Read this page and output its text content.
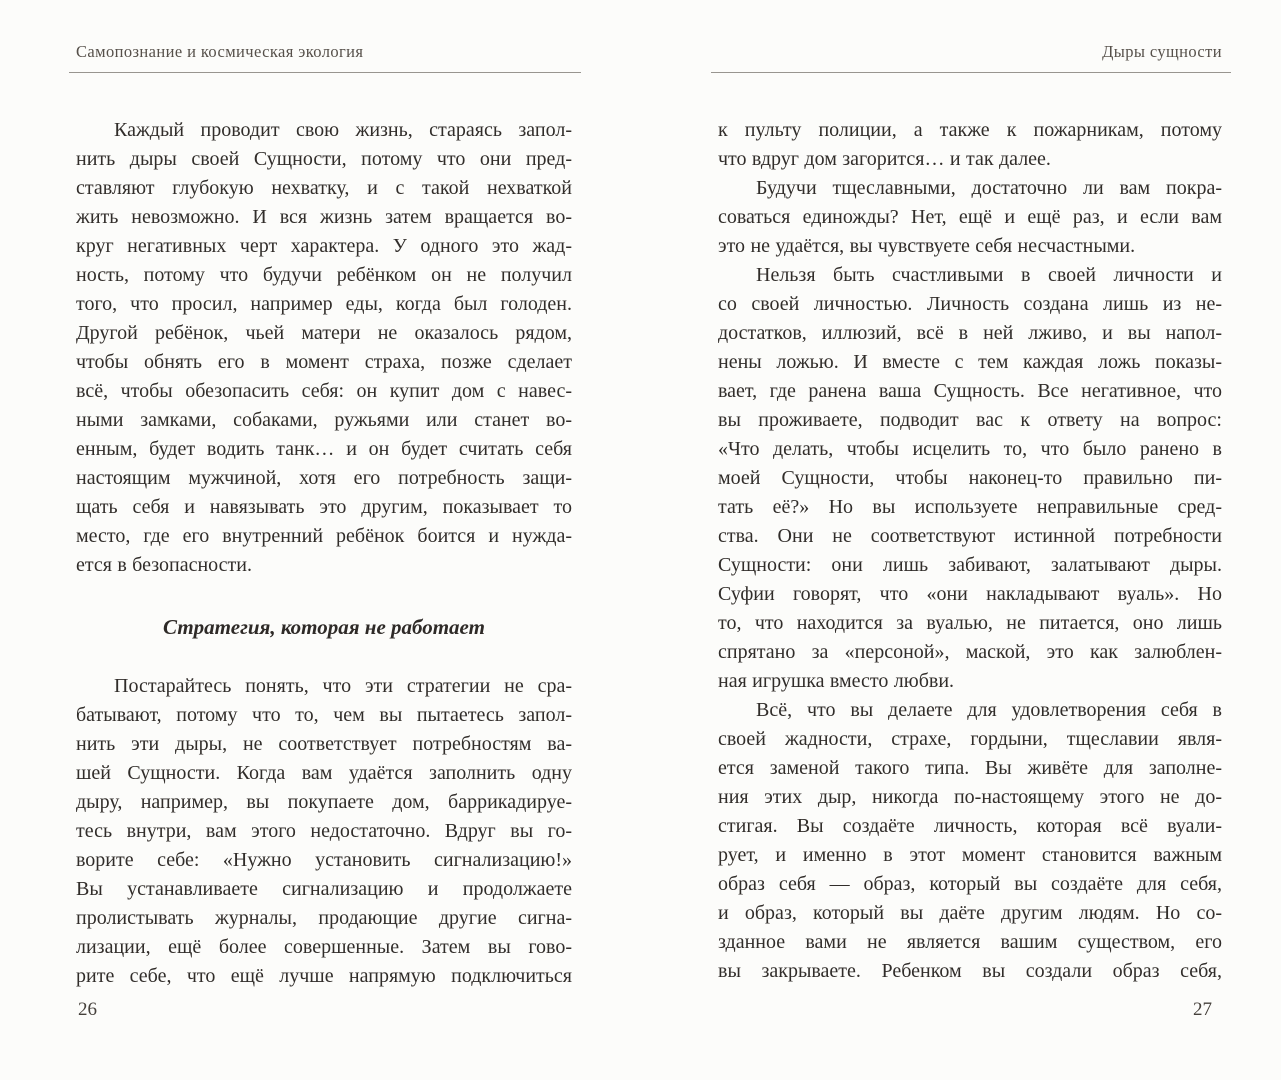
Самопознание и космическая экология
Каждый проводит свою жизнь, стараясь запол-
нить дыры своей Сущности, потому что они пред-
ставляют глубокую нехватку, и с такой нехваткой
жить невозможно. И вся жизнь затем вращается во-
круг негативных черт характера. У одного это жад-
ность, потому что будучи ребёнком он не получил
того, что просил, например еды, когда был голоден.
Другой ребёнок, чьей матери не оказалось рядом,
чтобы обнять его в момент страха, позже сделает
всё, чтобы обезопасить себя: он купит дом с навес-
ными замками, собаками, ружьями или станет во-
енным, будет водить танк… и он будет считать себя
настоящим мужчиной, хотя его потребность защи-
щать себя и навязывать это другим, показывает то
место, где его внутренний ребёнок боится и нужда-
ется в безопасности.
Стратегия, которая не работает
Постарайтесь понять, что эти стратегии не сра-
батывают, потому что то, чем вы пытаетесь запол-
нить эти дыры, не соответствует потребностям ва-
шей Сущности. Когда вам удаётся заполнить одну
дыру, например, вы покупаете дом, баррикадируе-
тесь внутри, вам этого недостаточно. Вдруг вы го-
ворите себе: «Нужно установить сигнализацию!»
Вы устанавливаете сигнализацию и продолжаете
пролистывать журналы, продающие другие сигна-
лизации, ещё более совершенные. Затем вы гово-
рите себе, что ещё лучше напрямую подключиться
26
Дыры сущности
к пульту полиции, а также к пожарникам, потому
что вдруг дом загорится… и так далее.
Будучи тщеславными, достаточно ли вам покра-
соваться единожды? Нет, ещё и ещё раз, и если вам
это не удаётся, вы чувствуете себя несчастными.
Нельзя быть счастливыми в своей личности и
со своей личностью. Личность создана лишь из не-
достатков, иллюзий, всё в ней лживо, и вы напол-
нены ложью. И вместе с тем каждая ложь показы-
вает, где ранена ваша Сущность. Все негативное, что
вы проживаете, подводит вас к ответу на вопрос:
«Что делать, чтобы исцелить то, что было ранено в
моей Сущности, чтобы наконец-то правильно пи-
тать её?» Но вы используете неправильные сред-
ства. Они не соответствуют истинной потребности
Сущности: они лишь забивают, залатывают дыры.
Суфии говорят, что «они накладывают вуаль». Но
то, что находится за вуалью, не питается, оно лишь
спрятано за «персоной», маской, это как залюблен-
ная игрушка вместо любви.
Всё, что вы делаете для удовлетворения себя в
своей жадности, страхе, гордыни, тщеславии явля-
ется заменой такого типа. Вы живёте для заполне-
ния этих дыр, никогда по-настоящему этого не до-
стигая. Вы создаёте личность, которая всё вуали-
рует, и именно в этот момент становится важным
образ себя — образ, который вы создаёте для себя,
и образ, который вы даёте другим людям. Но со-
зданное вами не является вашим существом, его
вы закрываете. Ребенком вы создали образ себя,
27
